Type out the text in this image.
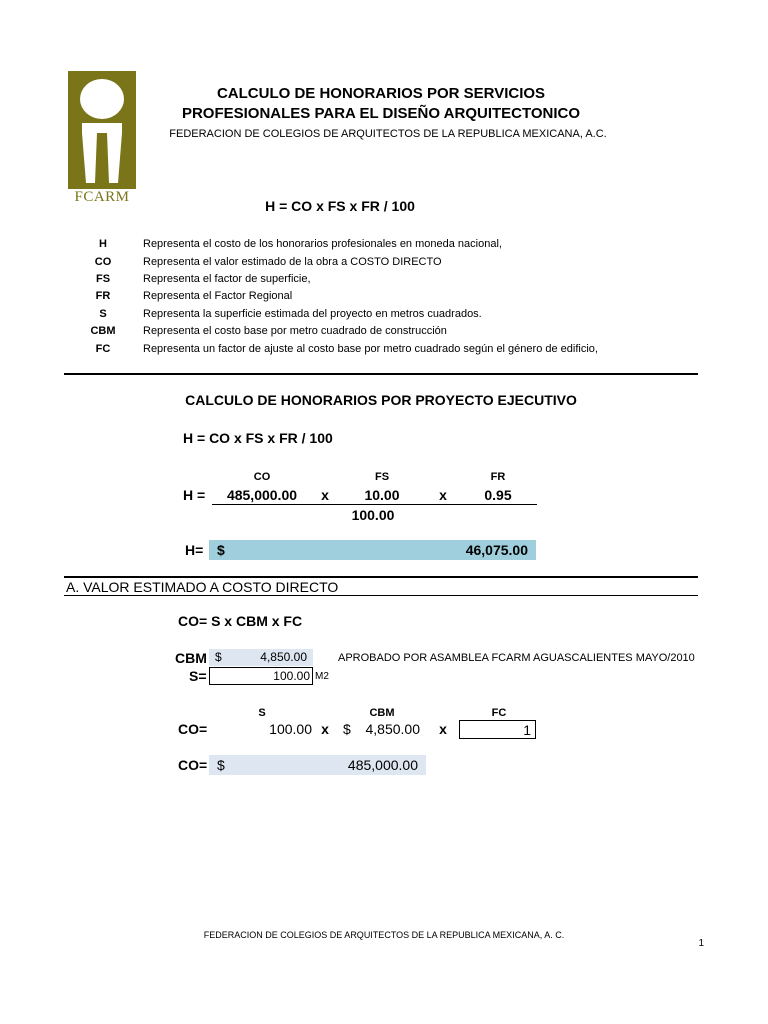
FCARM
CALCULO DE HONORARIOS POR SERVICIOS
PROFESIONALES PARA EL DISEÑO ARQUITECTONICO
FEDERACION DE COLEGIOS DE ARQUITECTOS DE LA REPUBLICA MEXICANA, A.C.
H = CO x FS x FR / 100
H	Representa el costo de los honorarios profesionales en moneda nacional,
CO	Representa el valor estimado de la obra a COSTO DIRECTO
FS	Representa el factor de superficie,
FR	Representa el Factor Regional
S	Representa la superficie estimada del proyecto en metros cuadrados.
CBM	Representa el costo base por metro cuadrado de construcción
FC	Representa un factor de ajuste al costo base por metro cuadrado según el género de edificio,
CALCULO DE HONORARIOS POR PROYECTO EJECUTIVO
H = CO x FS x FR / 100
CO	FS	FR
H =	485,000.00	x	10.00	x	0.95
100.00
H= $	46,075.00
A. VALOR ESTIMADO A COSTO DIRECTO
CO= S x CBM x FC
CBM $	4,850.00	APROBADO POR ASAMBLEA FCARM AGUASCALIENTES MAYO/2010
S=	100.00 M2
S	CBM	FC
CO=	100.00 x	$	4,850.00	x	1
CO= $	485,000.00
FEDERACION DE COLEGIOS DE ARQUITECTOS DE LA REPUBLICA MEXICANA, A. C.
1
